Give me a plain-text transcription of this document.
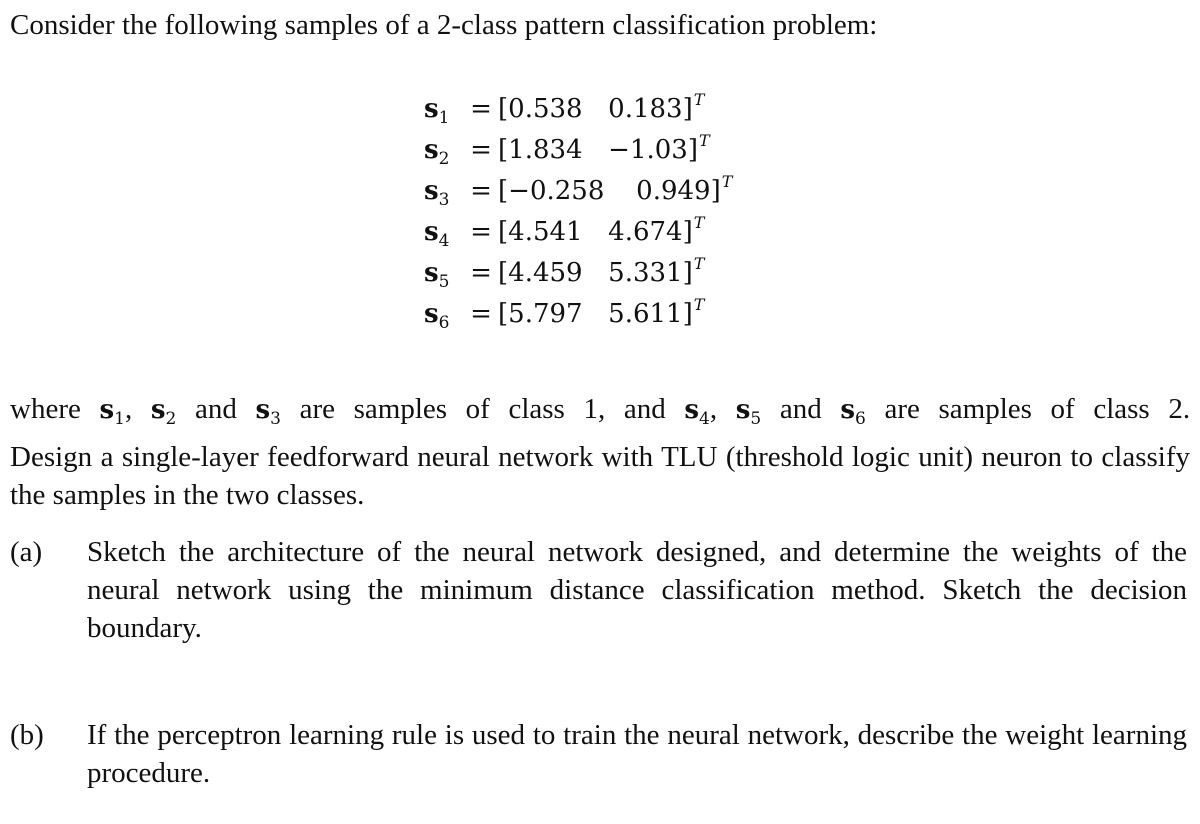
Consider the following samples of a 2-class pattern classification problem:

$s_1 = [0.538$ 0.183]$^T$
$s_2 = [1.834 -1.03]^T$
$s_3 = [-0.258$ 0.949]$^T$
$s_4 = [4.541$ 4.674]$^T$
$s_5 = [4.459$ 5.331]$^T$
$s_6 = [5.797$ 5.611]$^T$

where $s_1$, $s_2$ and $s_3$ are samples of class 1, and $s_4$, $s_5$ and $s_6$ are samples of class 2.
Design a single-layer feedforward neural network with TLU (threshold logic unit) neuron to classify the samples in the two classes.

(a) Sketch the architecture of the neural network designed, and determine the weights of the neural network using the minimum distance classification method. Sketch the decision boundary.
(b) If the perceptron learning rule is used to train the neural network, describe the weight learning procedure.
